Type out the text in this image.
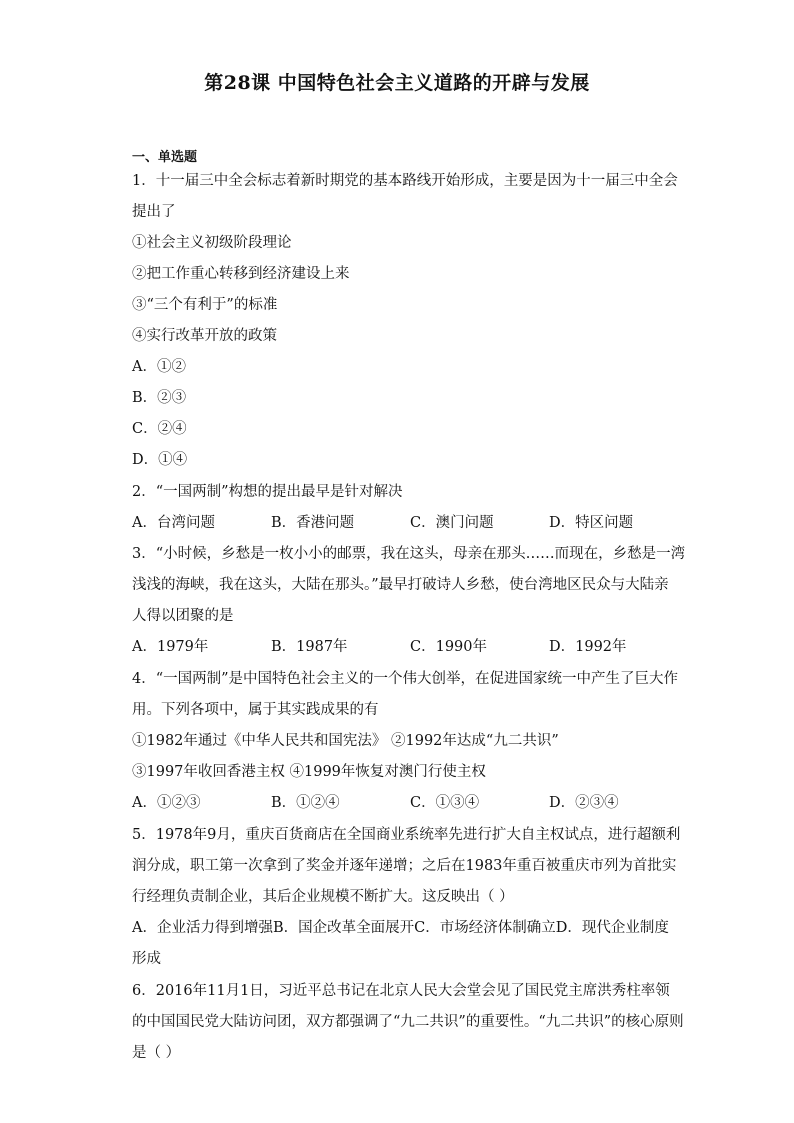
第28课 中国特色社会主义道路的开辟与发展
一、单选题
1．十一届三中全会标志着新时期党的基本路线开始形成，主要是因为十一届三中全会
提出了
①社会主义初级阶段理论
②把工作重心转移到经济建设上来
③“三个有利于”的标准
④实行改革开放的政策
A．①②
B．②③
C．②④
D．①④
2．“一国两制”构想的提出最早是针对解决
A．台湾问题	B．香港问题	C．澳门问题	D．特区问题
3．“小时候，乡愁是一枚小小的邮票，我在这头，母亲在那头……而现在，乡愁是一湾
浅浅的海峡，我在这头，大陆在那头。”最早打破诗人乡愁，使台湾地区民众与大陆亲
人得以团聚的是
A．1979年	B．1987年	C．1990年	D．1992年
4．“一国两制”是中国特色社会主义的一个伟大创举，在促进国家统一中产生了巨大作
用。下列各项中，属于其实践成果的有
①1982年通过《中华人民共和国宪法》 ②1992年达成“九二共识”
③1997年收回香港主权 ④1999年恢复对澳门行使主权
A．①②③	B．①②④	C．①③④	D．②③④
5．1978年9月，重庆百货商店在全国商业系统率先进行扩大自主权试点，进行超额利
润分成，职工第一次拿到了奖金并逐年递增；之后在1983年重百被重庆市列为首批实
行经理负责制企业，其后企业规模不断扩大。这反映出（ ）
A．企业活力得到增强B．国企改革全面展开C．市场经济体制确立D．现代企业制度
形成
6．2016年11月1日，习近平总书记在北京人民大会堂会见了国民党主席洪秀柱率领
的中国国民党大陆访问团，双方都强调了“九二共识”的重要性。“九二共识”的核心原则
是（ ）
